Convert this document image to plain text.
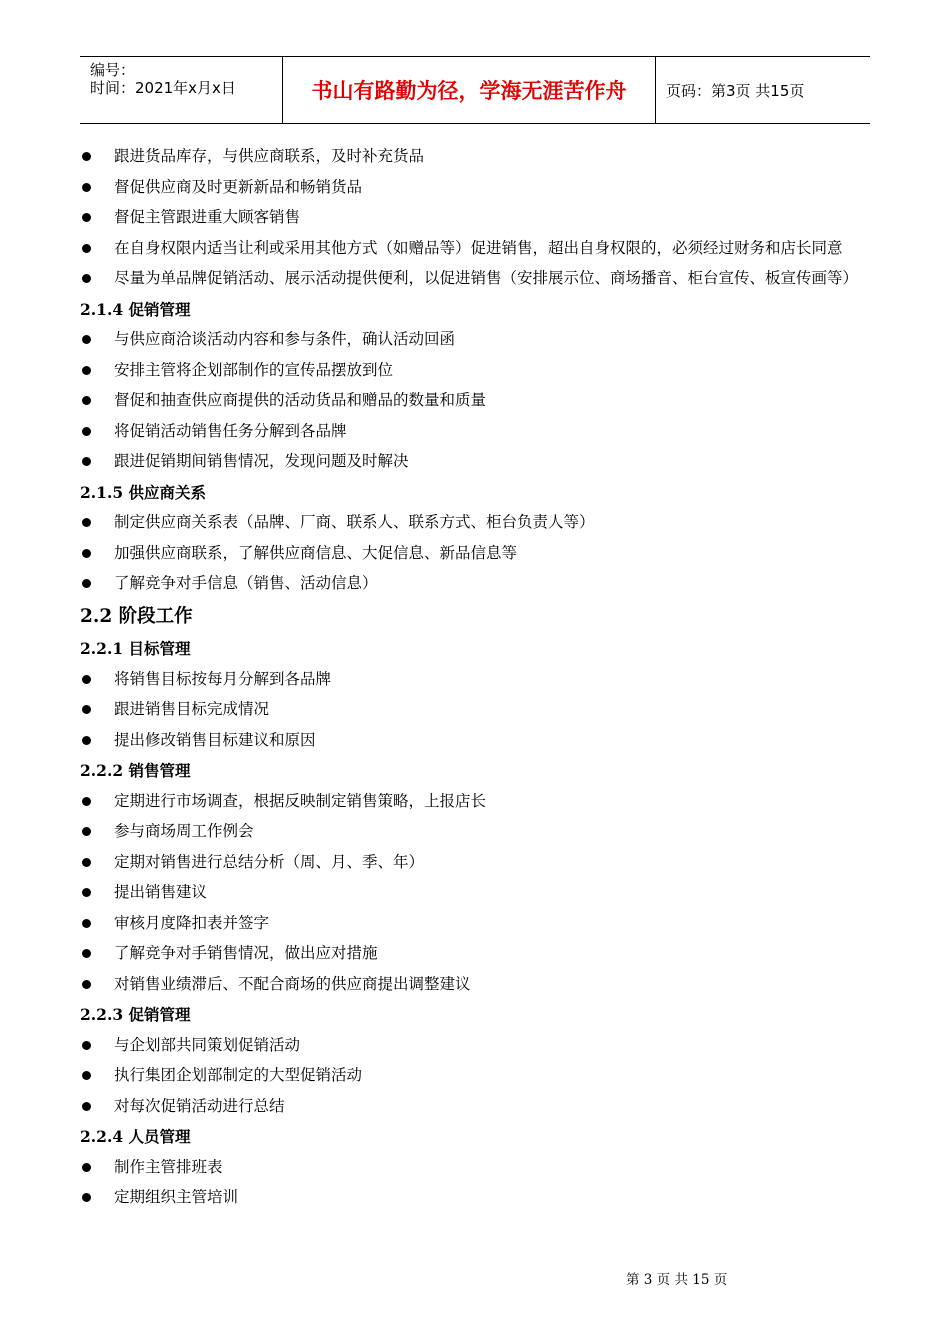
编号：
时间：2021年x月x日	书山有路勤为径，学海无涯苦作舟	页码：第3页 共15页
跟进货品库存，与供应商联系，及时补充货品
督促供应商及时更新新品和畅销货品
督促主管跟进重大顾客销售
在自身权限内适当让利或采用其他方式（如赠品等）促进销售，超出自身权限的，必须经过财务和店长同意
尽量为单品牌促销活动、展示活动提供便利，以促进销售（安排展示位、商场播音、柜台宣传、板宣传画等）
2.1.4 促销管理
与供应商洽谈活动内容和参与条件，确认活动回函
安排主管将企划部制作的宣传品摆放到位
督促和抽查供应商提供的活动货品和赠品的数量和质量
将促销活动销售任务分解到各品牌
跟进促销期间销售情况，发现问题及时解决
2.1.5 供应商关系
制定供应商关系表（品牌、厂商、联系人、联系方式、柜台负责人等）
加强供应商联系，了解供应商信息、大促信息、新品信息等
了解竞争对手信息（销售、活动信息）
2.2 阶段工作
2.2.1 目标管理
将销售目标按每月分解到各品牌
跟进销售目标完成情况
提出修改销售目标建议和原因
2.2.2 销售管理
定期进行市场调查，根据反映制定销售策略，上报店长
参与商场周工作例会
定期对销售进行总结分析（周、月、季、年）
提出销售建议
审核月度降扣表并签字
了解竞争对手销售情况，做出应对措施
对销售业绩滞后、不配合商场的供应商提出调整建议
2.2.3 促销管理
与企划部共同策划促销活动
执行集团企划部制定的大型促销活动
对每次促销活动进行总结
2.2.4 人员管理
制作主管排班表
定期组织主管培训
第 3 页 共 15 页
